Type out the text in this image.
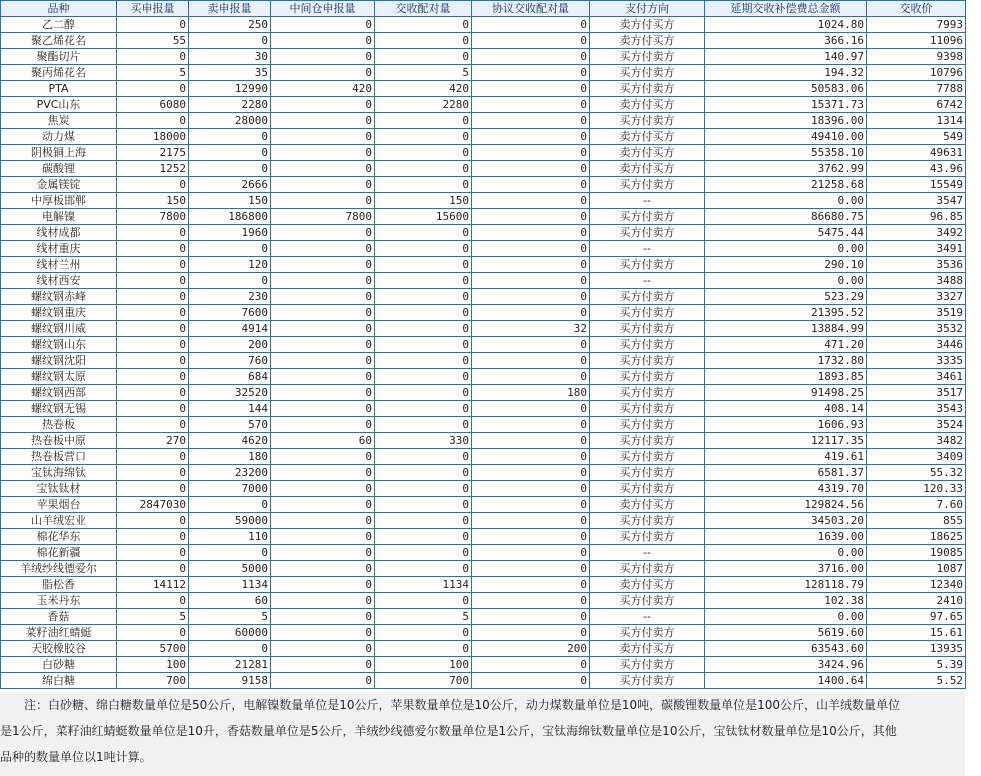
品种	买申报量	卖申报量	中间仓申报量	交收配对量	协议交收配对量	支付方向	延期交收补偿费总金额	交收价
乙二醇	0	250	0	0	0	卖方付买方	1024.80	7993
聚乙烯花名	55	0	0	0	0	卖方付买方	366.16	11096
聚酯切片	0	30	0	0	0	买方付卖方	140.97	9398
聚丙烯花名	5	35	0	5	0	买方付卖方	194.32	10796
PTA	0	12990	420	420	0	买方付卖方	50583.06	7788
PVC山东	6080	2280	0	2280	0	卖方付买方	15371.73	6742
焦炭	0	28000	0	0	0	买方付卖方	18396.00	1314
动力煤	18000	0	0	0	0	卖方付买方	49410.00	549
阴极铜上海	2175	0	0	0	0	卖方付买方	55358.10	49631
碳酸锂	1252	0	0	0	0	卖方付买方	3762.99	43.96
金属镁锭	0	2666	0	0	0	买方付卖方	21258.68	15549
中厚板邯郸	150	150	0	150	0	--	0.00	3547
电解镍	7800	186800	7800	15600	0	买方付卖方	86680.75	96.85
线材成都	0	1960	0	0	0	买方付卖方	5475.44	3492
线材重庆	0	0	0	0	0	--	0.00	3491
线材兰州	0	120	0	0	0	买方付卖方	290.10	3536
线材西安	0	0	0	0	0	--	0.00	3488
螺纹钢赤峰	0	230	0	0	0	买方付卖方	523.29	3327
螺纹钢重庆	0	7600	0	0	0	买方付卖方	21395.52	3519
螺纹钢川威	0	4914	0	0	32	买方付卖方	13884.99	3532
螺纹钢山东	0	200	0	0	0	买方付卖方	471.20	3446
螺纹钢沈阳	0	760	0	0	0	买方付卖方	1732.80	3335
螺纹钢太原	0	684	0	0	0	买方付卖方	1893.85	3461
螺纹钢西部	0	32520	0	0	180	买方付卖方	91498.25	3517
螺纹钢无锡	0	144	0	0	0	买方付卖方	408.14	3543
热卷板	0	570	0	0	0	买方付卖方	1606.93	3524
热卷板中原	270	4620	60	330	0	买方付卖方	12117.35	3482
热卷板营口	0	180	0	0	0	买方付卖方	419.61	3409
宝钛海绵钛	0	23200	0	0	0	买方付卖方	6581.37	55.32
宝钛钛材	0	7000	0	0	0	买方付卖方	4319.70	120.33
苹果烟台	2847030	0	0	0	0	卖方付买方	129824.56	7.60
山羊绒宏业	0	59000	0	0	0	买方付卖方	34503.20	855
棉花华东	0	110	0	0	0	买方付卖方	1639.00	18625
棉花新疆	0	0	0	0	0	--	0.00	19085
羊绒纱线德爱尔	0	5000	0	0	0	买方付卖方	3716.00	1087
脂松香	14112	1134	0	1134	0	卖方付买方	128118.79	12340
玉米丹东	0	60	0	0	0	买方付卖方	102.38	2410
香菇	5	5	0	5	0	--	0.00	97.65
菜籽油红蜻蜓	0	60000	0	0	0	买方付卖方	5619.60	15.61
天胶橡胶谷	5700	0	0	0	200	卖方付买方	63543.60	13935
白砂糖	100	21281	0	100	0	买方付卖方	3424.96	5.39
绵白糖	700	9158	0	700	0	买方付卖方	1400.64	5.52
　　注：白砂糖、绵白糖数量单位是50公斤，电解镍数量单位是10公斤，苹果数量单位是10公斤，动力煤数量单位是10吨，碳酸锂数量单位是100公斤，山羊绒数量单位
是1公斤，菜籽油红蜻蜓数量单位是10升，香菇数量单位是5公斤，羊绒纱线德爱尔数量单位是1公斤，宝钛海绵钛数量单位是10公斤，宝钛钛材数量单位是10公斤，其他
品种的数量单位以1吨计算。
